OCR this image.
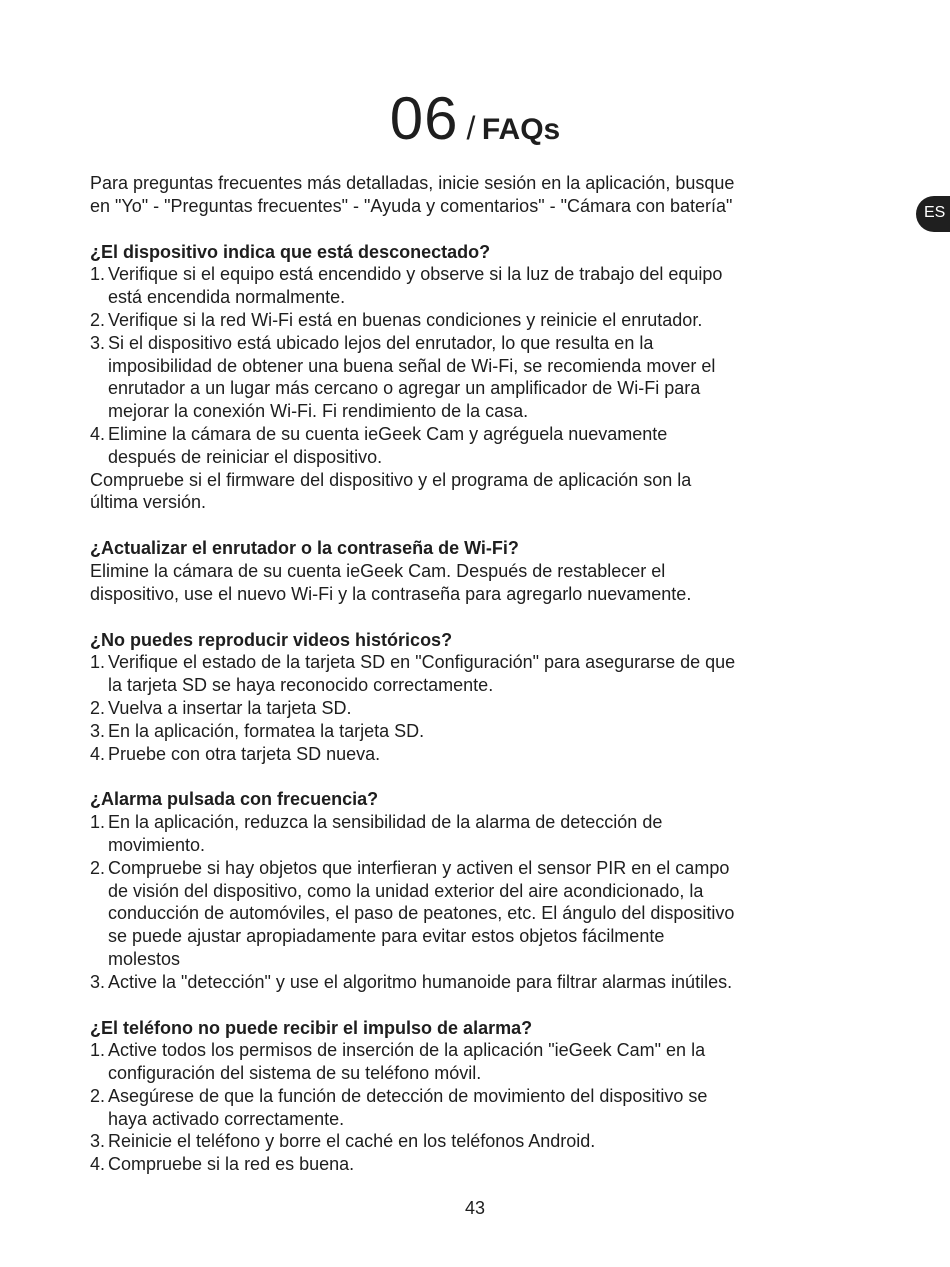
06 / FAQs
ES

Para preguntas frecuentes más detalladas, inicie sesión en la aplicación, busque

en "Yo" - "Preguntas frecuentes" - "Ayuda y comentarios" - "Cámara con batería"

¿El dispositivo indica que está desconectado?

1. Verifique si el equipo está encendido y observe si la luz de trabajo del equipo

está encendida normalmente.

2. Verifique si la red Wi-Fi está en buenas condiciones y reinicie el enrutador.

3. Si el dispositivo está ubicado lejos del enrutador, lo que resulta en la

imposibilidad de obtener una buena señal de Wi-Fi, se recomienda mover el

enrutador a un lugar más cercano o agregar un amplificador de Wi-Fi para

mejorar la conexión Wi-Fi. Fi rendimiento de la casa.

4. Elimine la cámara de su cuenta ieGeek Cam y agréguela nuevamente

después de reiniciar el dispositivo.

Compruebe si el firmware del dispositivo y el programa de aplicación son la

última versión.

¿Actualizar el enrutador o la contraseña de Wi-Fi?

Elimine la cámara de su cuenta ieGeek Cam. Después de restablecer el

dispositivo, use el nuevo Wi-Fi y la contraseña para agregarlo nuevamente.

¿No puedes reproducir videos históricos?

1. Verifique el estado de la tarjeta SD en "Configuración" para asegurarse de que

la tarjeta SD se haya reconocido correctamente.

2. Vuelva a insertar la tarjeta SD.

3. En la aplicación, formatea la tarjeta SD.

4. Pruebe con otra tarjeta SD nueva.

¿Alarma pulsada con frecuencia?

1. En la aplicación, reduzca la sensibilidad de la alarma de detección de

movimiento.

2. Compruebe si hay objetos que interfieran y activen el sensor PIR en el campo

de visión del dispositivo, como la unidad exterior del aire acondicionado, la

conducción de automóviles, el paso de peatones, etc. El ángulo del dispositivo

se puede ajustar apropiadamente para evitar estos objetos fácilmente

molestos

3. Active la "detección" y use el algoritmo humanoide para filtrar alarmas inútiles.

¿El teléfono no puede recibir el impulso de alarma?

1. Active todos los permisos de inserción de la aplicación "ieGeek Cam" en la

configuración del sistema de su teléfono móvil.

2. Asegúrese de que la función de detección de movimiento del dispositivo se

haya activado correctamente.

3. Reinicie el teléfono y borre el caché en los teléfonos Android.

4. Compruebe si la red es buena.

43
